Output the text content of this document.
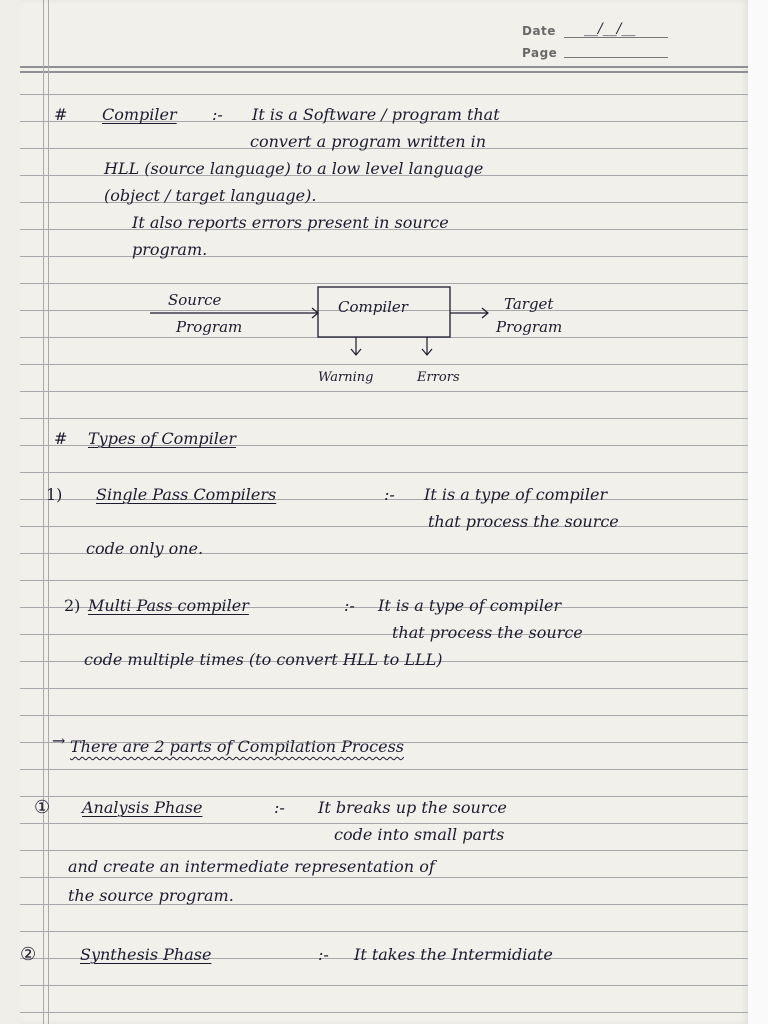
Date __/__/__
Page
# Compiler :- It is a Software / program that
convert a program written in
HLL (source language) to a low level language
(object / target language).
It also reports errors present in source
program.
Source
Program
Compiler	Target
Program
Warning	Errors
# Types of Compiler
1) Single Pass Compilers	:- It is a type of compiler
that process the source
code only one.
2) Multi Pass compiler	:- It is a type of compiler
that process the source
code multiple times (to convert HLL to LLL)
→ There are 2 parts of Compilation Process
① Analysis Phase	:- It breaks up the source
code into small parts
and create an intermediate representation of
the source program.
②	Synthesis Phase	:- It takes the Intermidiate
